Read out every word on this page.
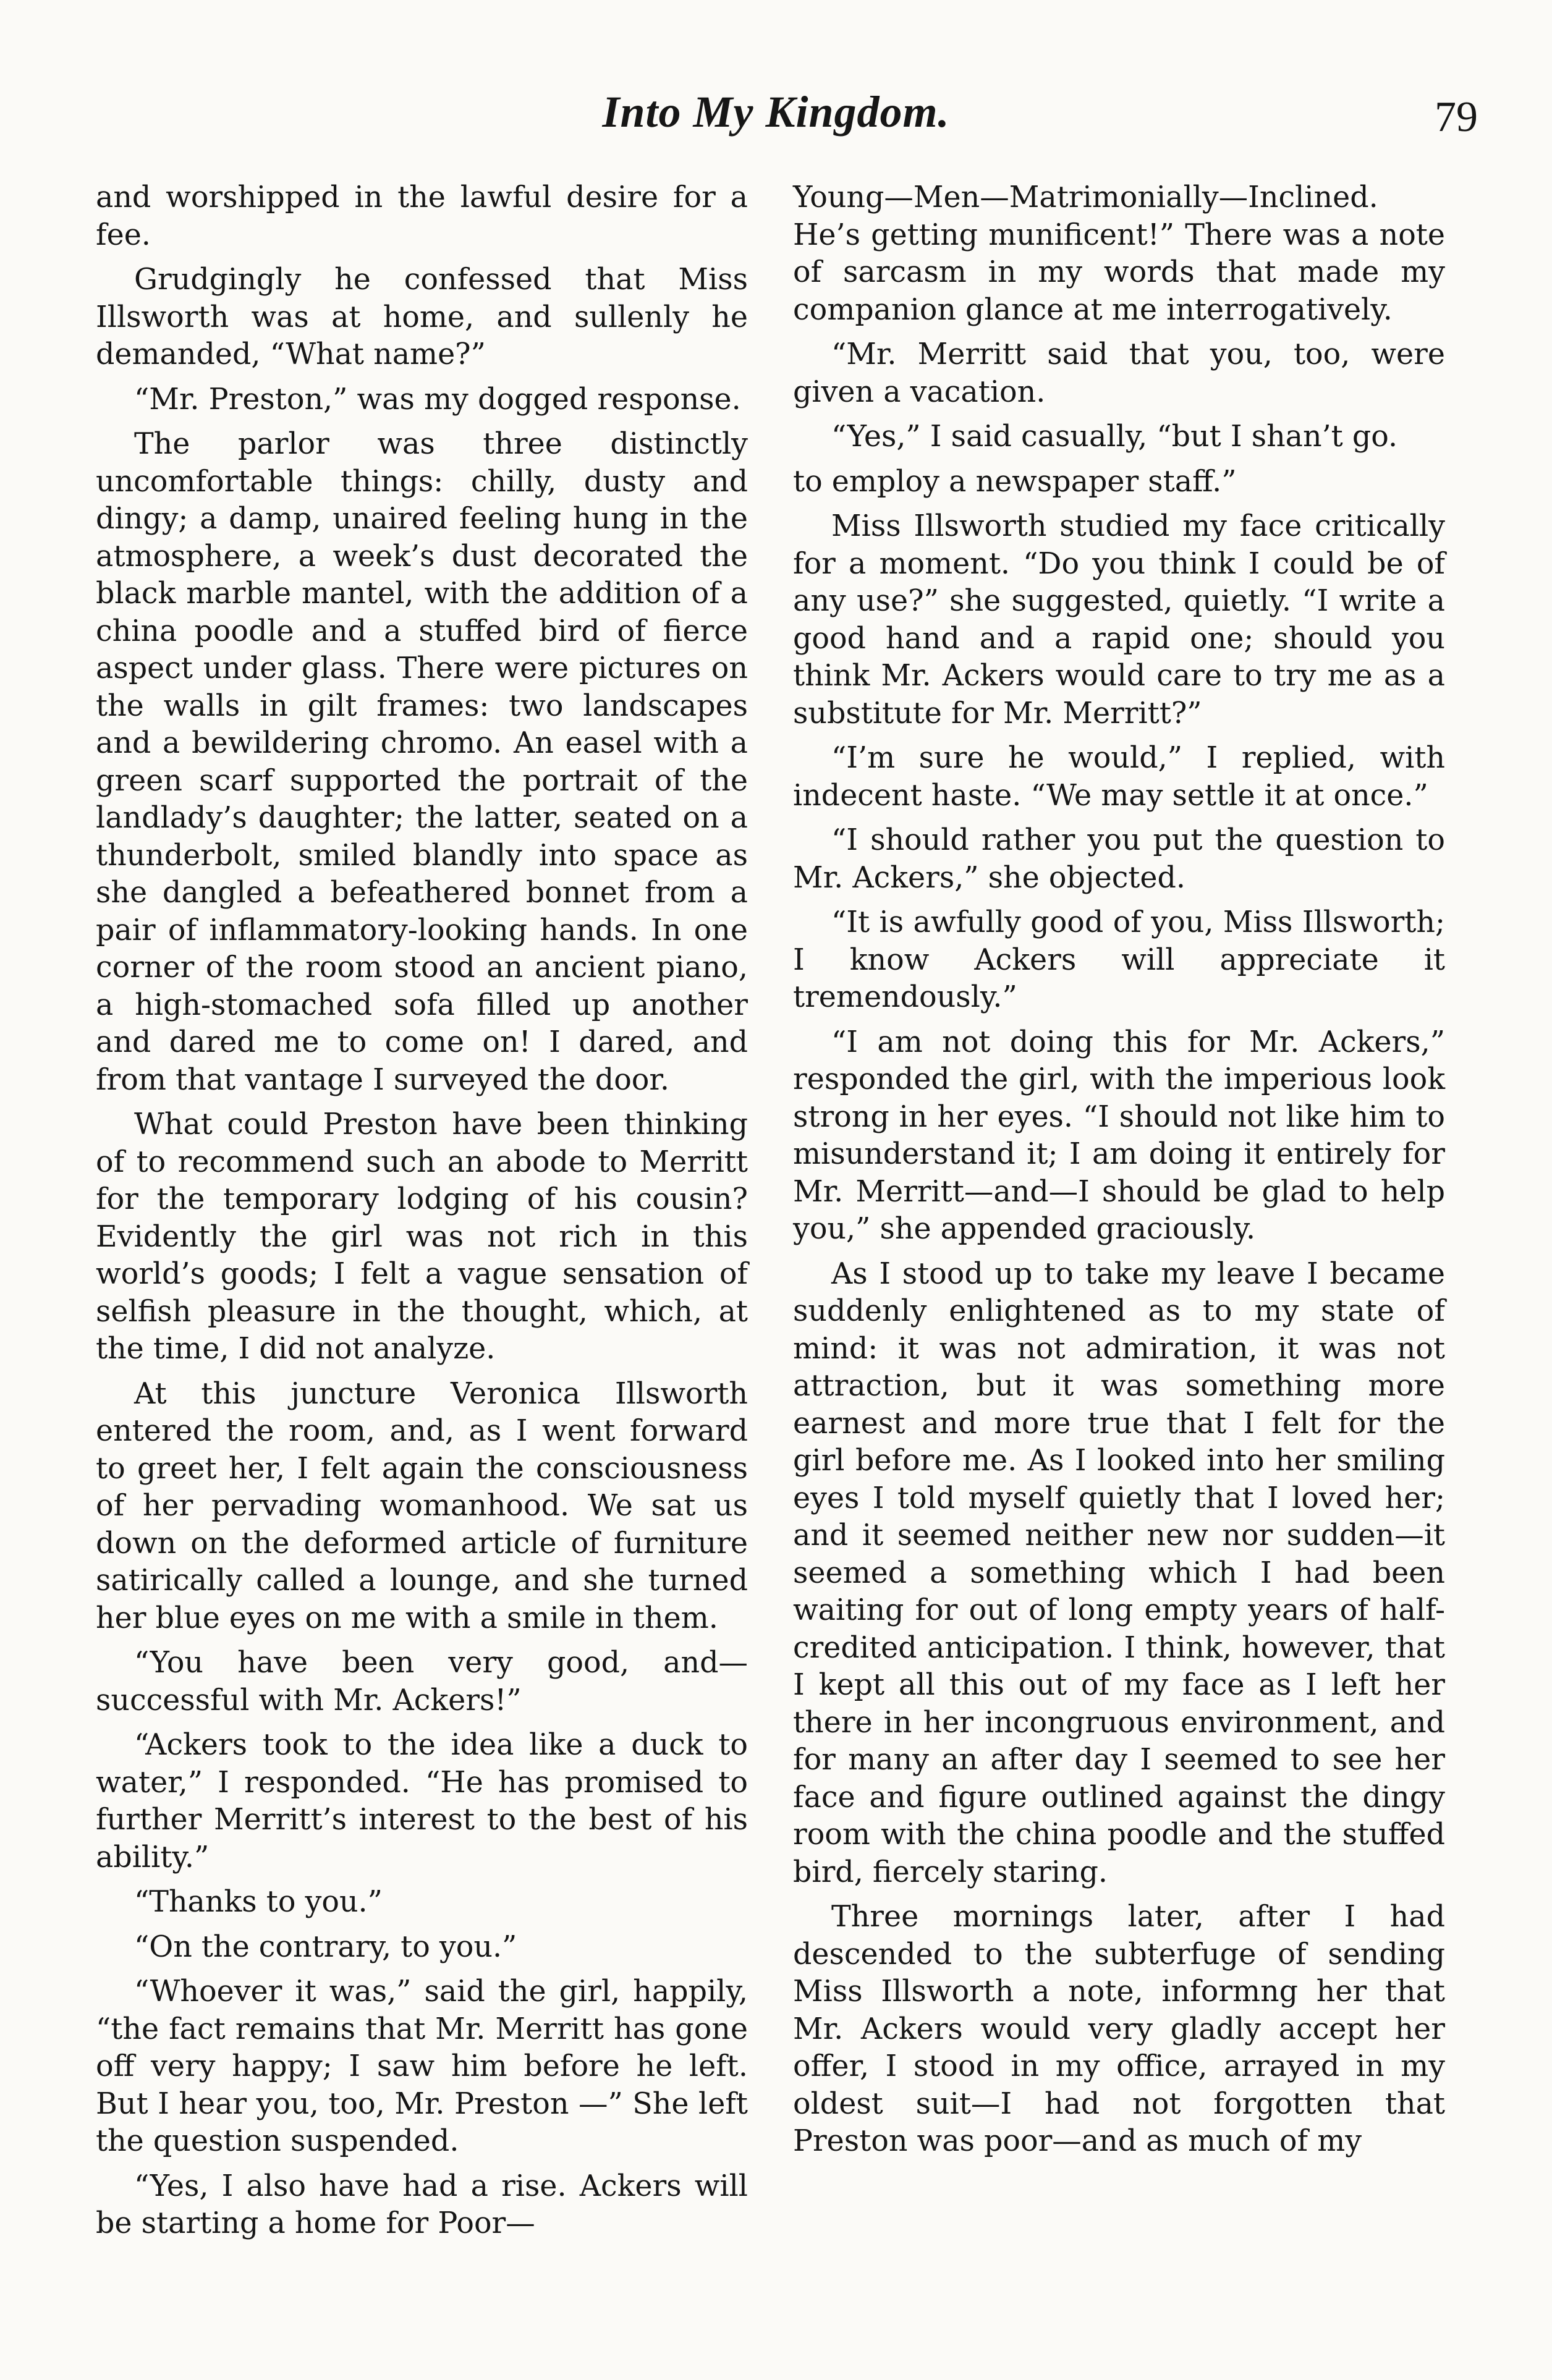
Into My Kingdom.	79

and worshipped in the lawful desire for a fee.

Grudgingly he confessed that Miss Illsworth was at home, and sullenly he demanded, “What name?”

“Mr. Preston,” was my dogged response.

The parlor was three distinctly uncomfortable things: chilly, dusty and dingy; a damp, unaired feeling hung in the atmosphere, a week’s dust decorated the black marble mantel, with the addition of a china poodle and a stuffed bird of fierce aspect under glass. There were pictures on the walls in gilt frames: two landscapes and a bewildering chromo. An easel with a green scarf supported the portrait of the landlady’s daughter; the latter, seated on a thunderbolt, smiled blandly into space as she dangled a befeathered bonnet from a pair of inflammatory-looking hands. In one corner of the room stood an ancient piano, a high-stomached sofa filled up another and dared me to come on! I dared, and from that vantage I surveyed the door.

What could Preston have been thinking of to recommend such an abode to Merritt for the temporary lodging of his cousin? Evidently the girl was not rich in this world’s goods; I felt a vague sensation of selfish pleasure in the thought, which, at the time, I did not analyze.

At this juncture Veronica Illsworth entered the room, and, as I went forward to greet her, I felt again the consciousness of her pervading womanhood. We sat us down on the deformed article of furniture satirically called a lounge, and she turned her blue eyes on me with a smile in them.

“You have been very good, and—successful with Mr. Ackers!”

“Ackers took to the idea like a duck to water,” I responded. “He has promised to further Merritt’s interest to the best of his ability.”

“Thanks to you.”

“On the contrary, to you.”

“Whoever it was,” said the girl, happily, “the fact remains that Mr. Merritt has gone off very happy; I saw him before he left. But I hear you, too, Mr. Preston —” She left the question suspended.

“Yes, I also have had a rise. Ackers will be starting a home for Poor—

Young—Men—Matrimonially—Inclined. He’s getting munificent!” There was a note of sarcasm in my words that made my companion glance at me interrogatively.

“Mr. Merritt said that you, too, were given a vacation.

“Yes,” I said casually, “but I shan’t go.

to employ a newspaper staff.”

Miss Illsworth studied my face critically for a moment. “Do you think I could be of any use?” she suggested, quietly. “I write a good hand and a rapid one; should you think Mr. Ackers would care to try me as a substitute for Mr. Merritt?”

“I’m sure he would,” I replied, with indecent haste. “We may settle it at once.”

“I should rather you put the question to Mr. Ackers,” she objected.

“It is awfully good of you, Miss Illsworth; I know Ackers will appreciate it tremendously.”

“I am not doing this for Mr. Ackers,” responded the girl, with the imperious look strong in her eyes. “I should not like him to misunderstand it; I am doing it entirely for Mr. Merritt—and—I should be glad to help you,” she appended graciously.

As I stood up to take my leave I became suddenly enlightened as to my state of mind: it was not admiration, it was not attraction, but it was something more earnest and more true that I felt for the girl before me. As I looked into her smiling eyes I told myself quietly that I loved her; and it seemed neither new nor sudden—it seemed a something which I had been waiting for out of long empty years of half-credited anticipation. I think, however, that I kept all this out of my face as I left her there in her incongruous environment, and for many an after day I seemed to see her face and figure outlined against the dingy room with the china poodle and the stuffed bird, fiercely staring.

Three mornings later, after I had descended to the subterfuge of sending Miss Illsworth a note, informng her that Mr. Ackers would very gladly accept her offer, I stood in my office, arrayed in my oldest suit—I had not forgotten that Preston was poor—and as much of my
